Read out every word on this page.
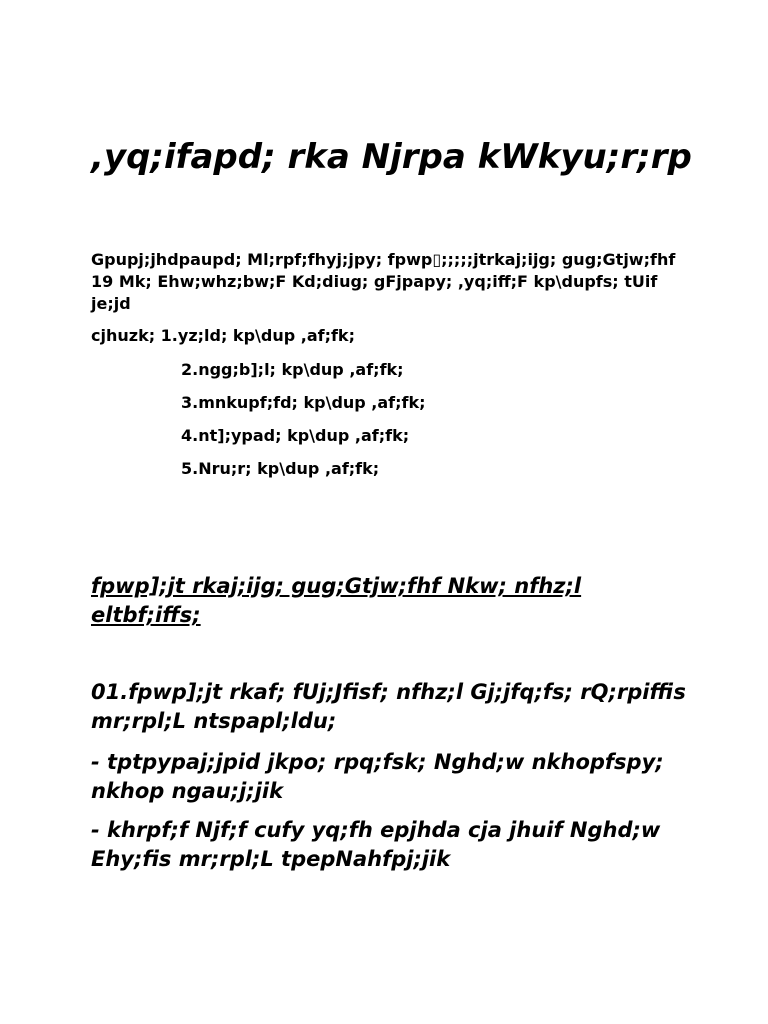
,yq;ifapd; rka Njrpa kWkyu;r;rp

Gpupj;jhdpaupd; Ml;rpf;fhyj;jpy; fpwp▯;;;;;jtrkaj;ijg; gug;Gtjw;fhf 19 Mk; Ehw;whz;bw;F Kd;diug; gFjpapy; ,yq;iff;F kp\dupfs; tUif je;jd

cjhuzk; 1.yz;ld; kp\dup ,af;fk;

2.ngg;b];l; kp\dup ,af;fk;

3.mnkupf;fd; kp\dup ,af;fk;

4.nt];ypad; kp\dup ,af;fk;

5.Nru;r; kp\dup ,af;fk;

fpwp];jt rkaj;ijg; gug;Gtjw;fhf Nkw; nfhz;l eltbf;iffs;

01.fpwp];jt rkaf; fUj;Jfisf; nfhz;l Gj;jfq;fs; rQ;rpiffis mr;rpl;L ntspapl;ldu;

- tptpypaj;jpid jkpo; rpq;fsk; Nghd;w nkhopfspy; nkhop ngau;j;jik

- khrpf;f Njf;f cufy yq;fh epjhda cja jhuif Nghd;w Ehy;fis mr;rpl;L tpepNahfpj;jik
